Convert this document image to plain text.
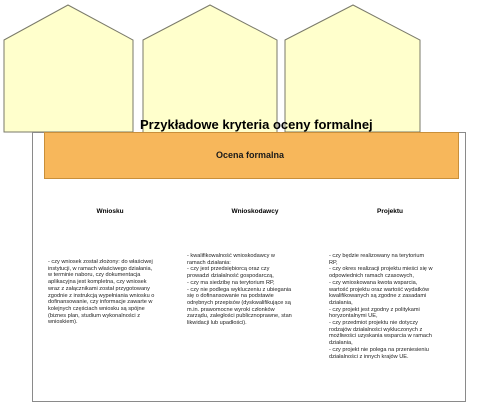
Przykładowe kryteria oceny formalnej
Ocena formalna
Wniosku	Wnioskodawcy	Projektu
- czy wniosek został złożony: do właściwej
instytucji, w ramach właściwego działania,
w terminie naboru, czy dokumentacja
aplikacyjna jest kompletna, czy wniosek
wraz z załącznikami został przygotowany
zgodnie z instrukcją wypełniania wniosku o
dofinansowanie, czy informacje zawarte w
kolejnych częściach wniosku są spójne
(biznes plan, studium wykonalności z
wnioskiem).
- kwalifikowalność wnioskodawcy w
ramach działania:
- czy jest przedsiębiorcą oraz czy
prowadzi działalność gospodarczą,
- czy ma siedzibę na terytorium RP,
- czy nie podlega wykluczeniu z ubiegania
się o dofinansowanie na podstawie
odrębnych przepisów (dyskwalifikujące są
m.in. prawomocne wyroki członków
zarządu, zaległości publicznoprawne, stan
likwidacji lub upadłości).
- czy będzie realizowany na terytorium
RP,
- czy okres realizacji projektu mieści się w
odpowiednich ramach czasowych,
- czy wnioskowana kwota wsparcia,
wartość projektu oraz wartość wydatków
kwalifikowanych są zgodne z zasadami
działania,
- czy projekt jest zgodny z politykami
horyzontalnymi UE,
- czy przedmiot projektu nie dotyczy
rodzajów działalności wykluczonych z
możliwości uzyskania wsparcia w ramach
działania,
- czy projekt nie polega na przeniesieniu
działalności z innych krajów UE.
